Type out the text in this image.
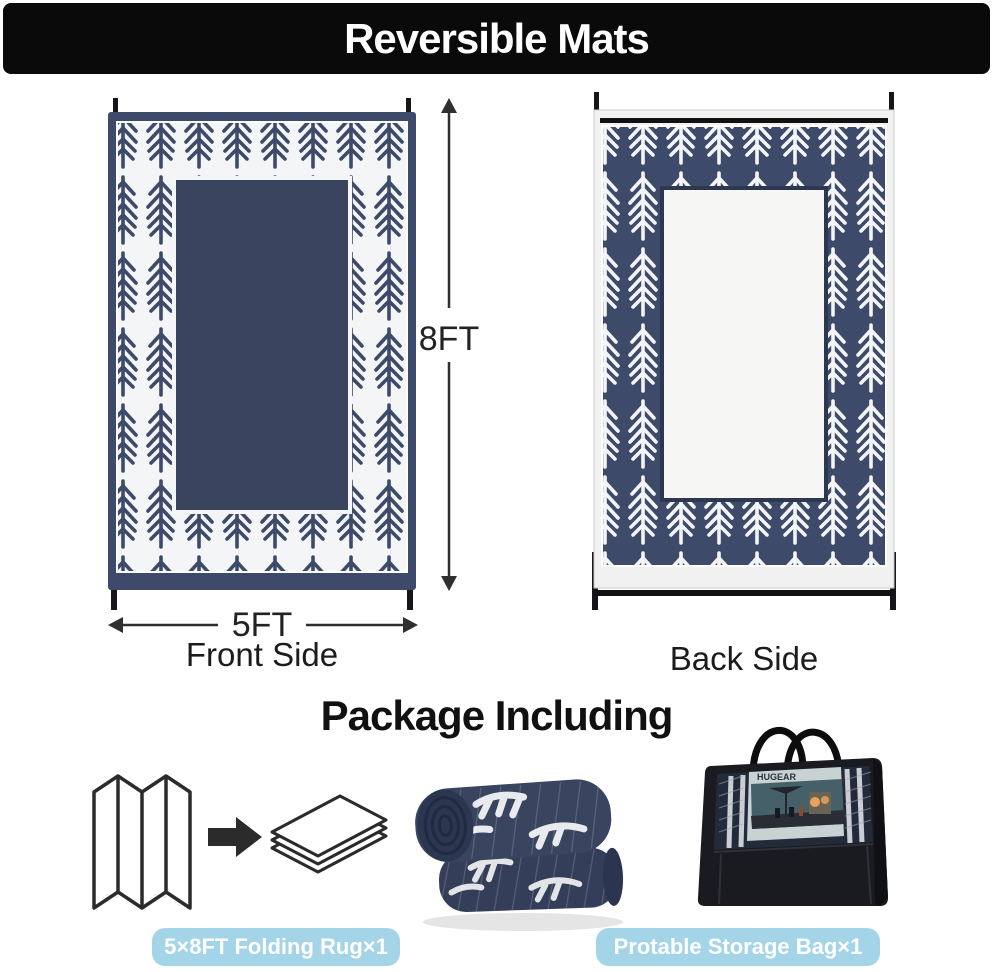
Reversible Mats
8FT
5FT
Front Side	Back Side
Package Including
HUGEAR
5×8FT Folding Rug×1	Protable Storage Bag×1
